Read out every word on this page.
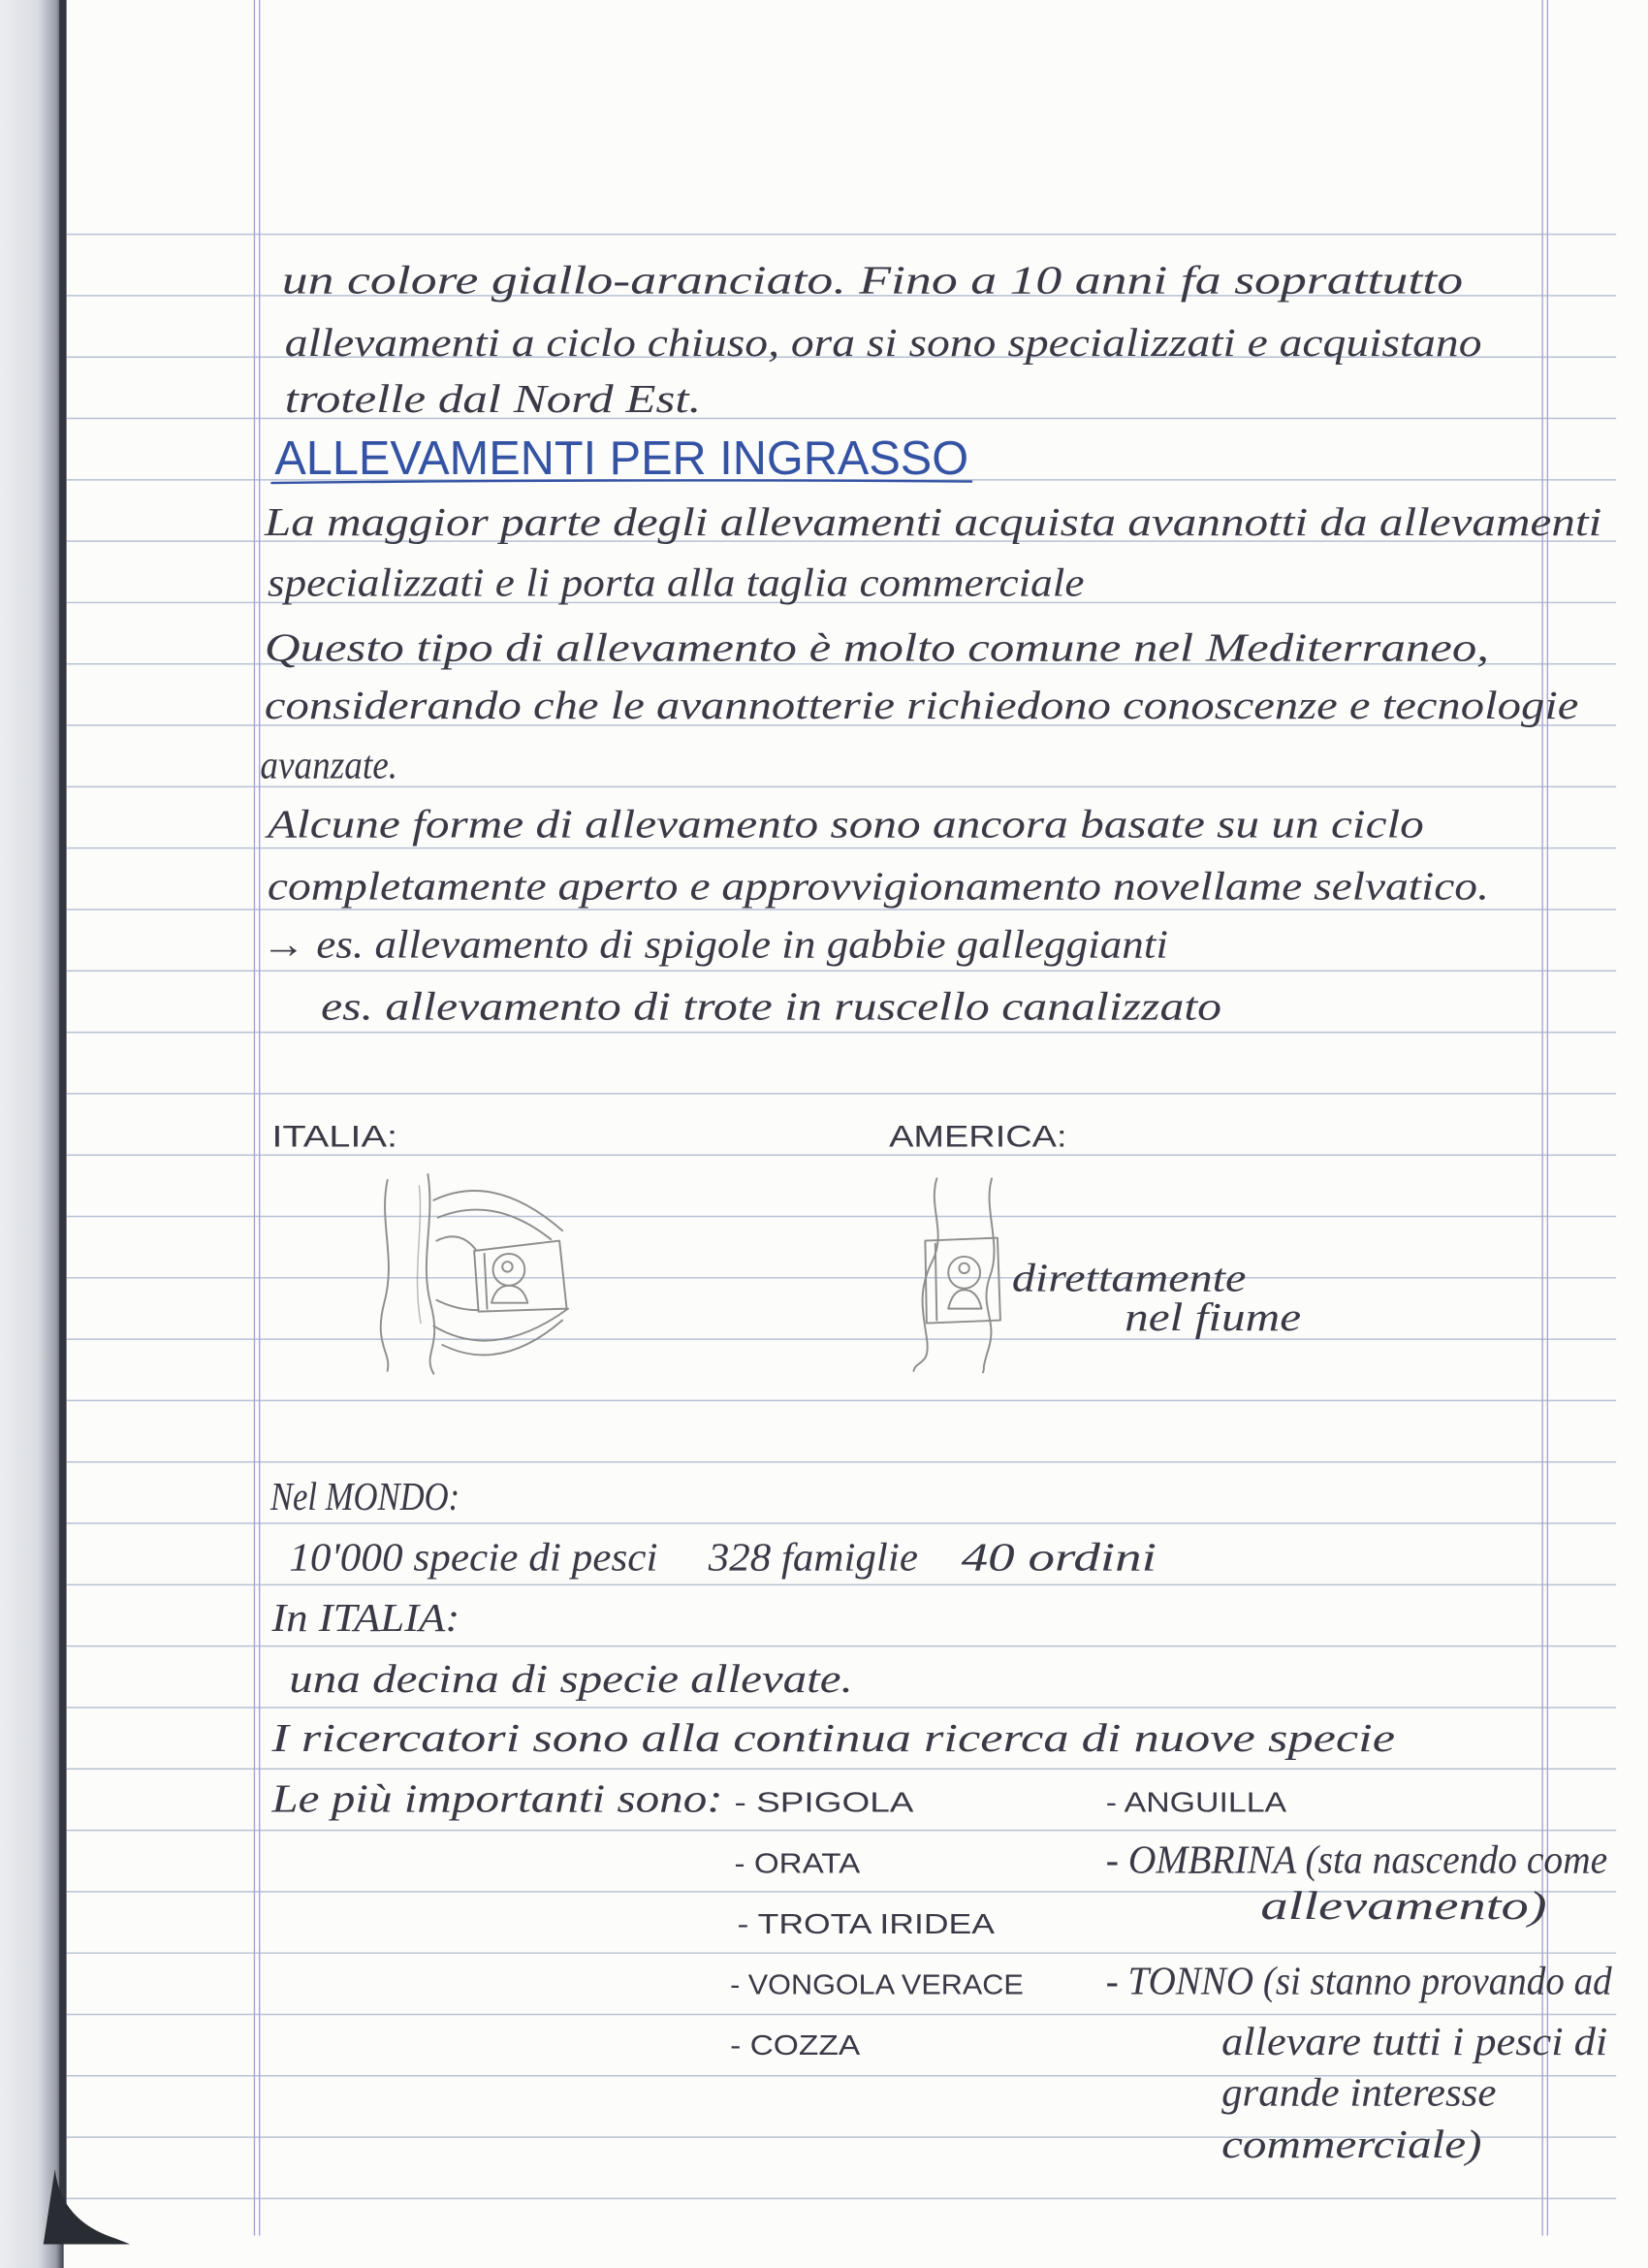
un colore giallo-aranciato. Fino a 10 anni fa soprattutto
allevamenti a ciclo chiuso, ora si sono specializzati e acquistano
trotelle dal Nord Est.
ALLEVAMENTI PER INGRASSO
La maggior parte degli allevamenti acquista avannotti da allevamenti
specializzati e li porta alla taglia commerciale
Questo tipo di allevamento è molto comune nel Mediterraneo,
considerando che le avannotterie richiedono conoscenze e tecnologie
avanzate.
Alcune forme di allevamento sono ancora basate su un ciclo
completamente aperto e approvvigionamento novellame selvatico.
→ es. allevamento di spigole in gabbie galleggianti
es. allevamento di trote in ruscello canalizzato
ITALIA:	AMERICA:
direttamente
nel fiume
Nel MONDO:
10'000 specie di pesci 328 famiglie 40 ordini
In ITALIA:
una decina di specie allevate.
I ricercatori sono alla continua ricerca di nuove specie
Le più importanti sono: - SPIGOLA
- ORATA
- TROTA IRIDEA
- VONGOLA VERACE
- COZZA
- ANGUILLA
- OMBRINA (sta nascendo come
allevamento)
- TONNO (si stanno provando ad
allevare tutti i pesci di
grande interesse
commerciale)
